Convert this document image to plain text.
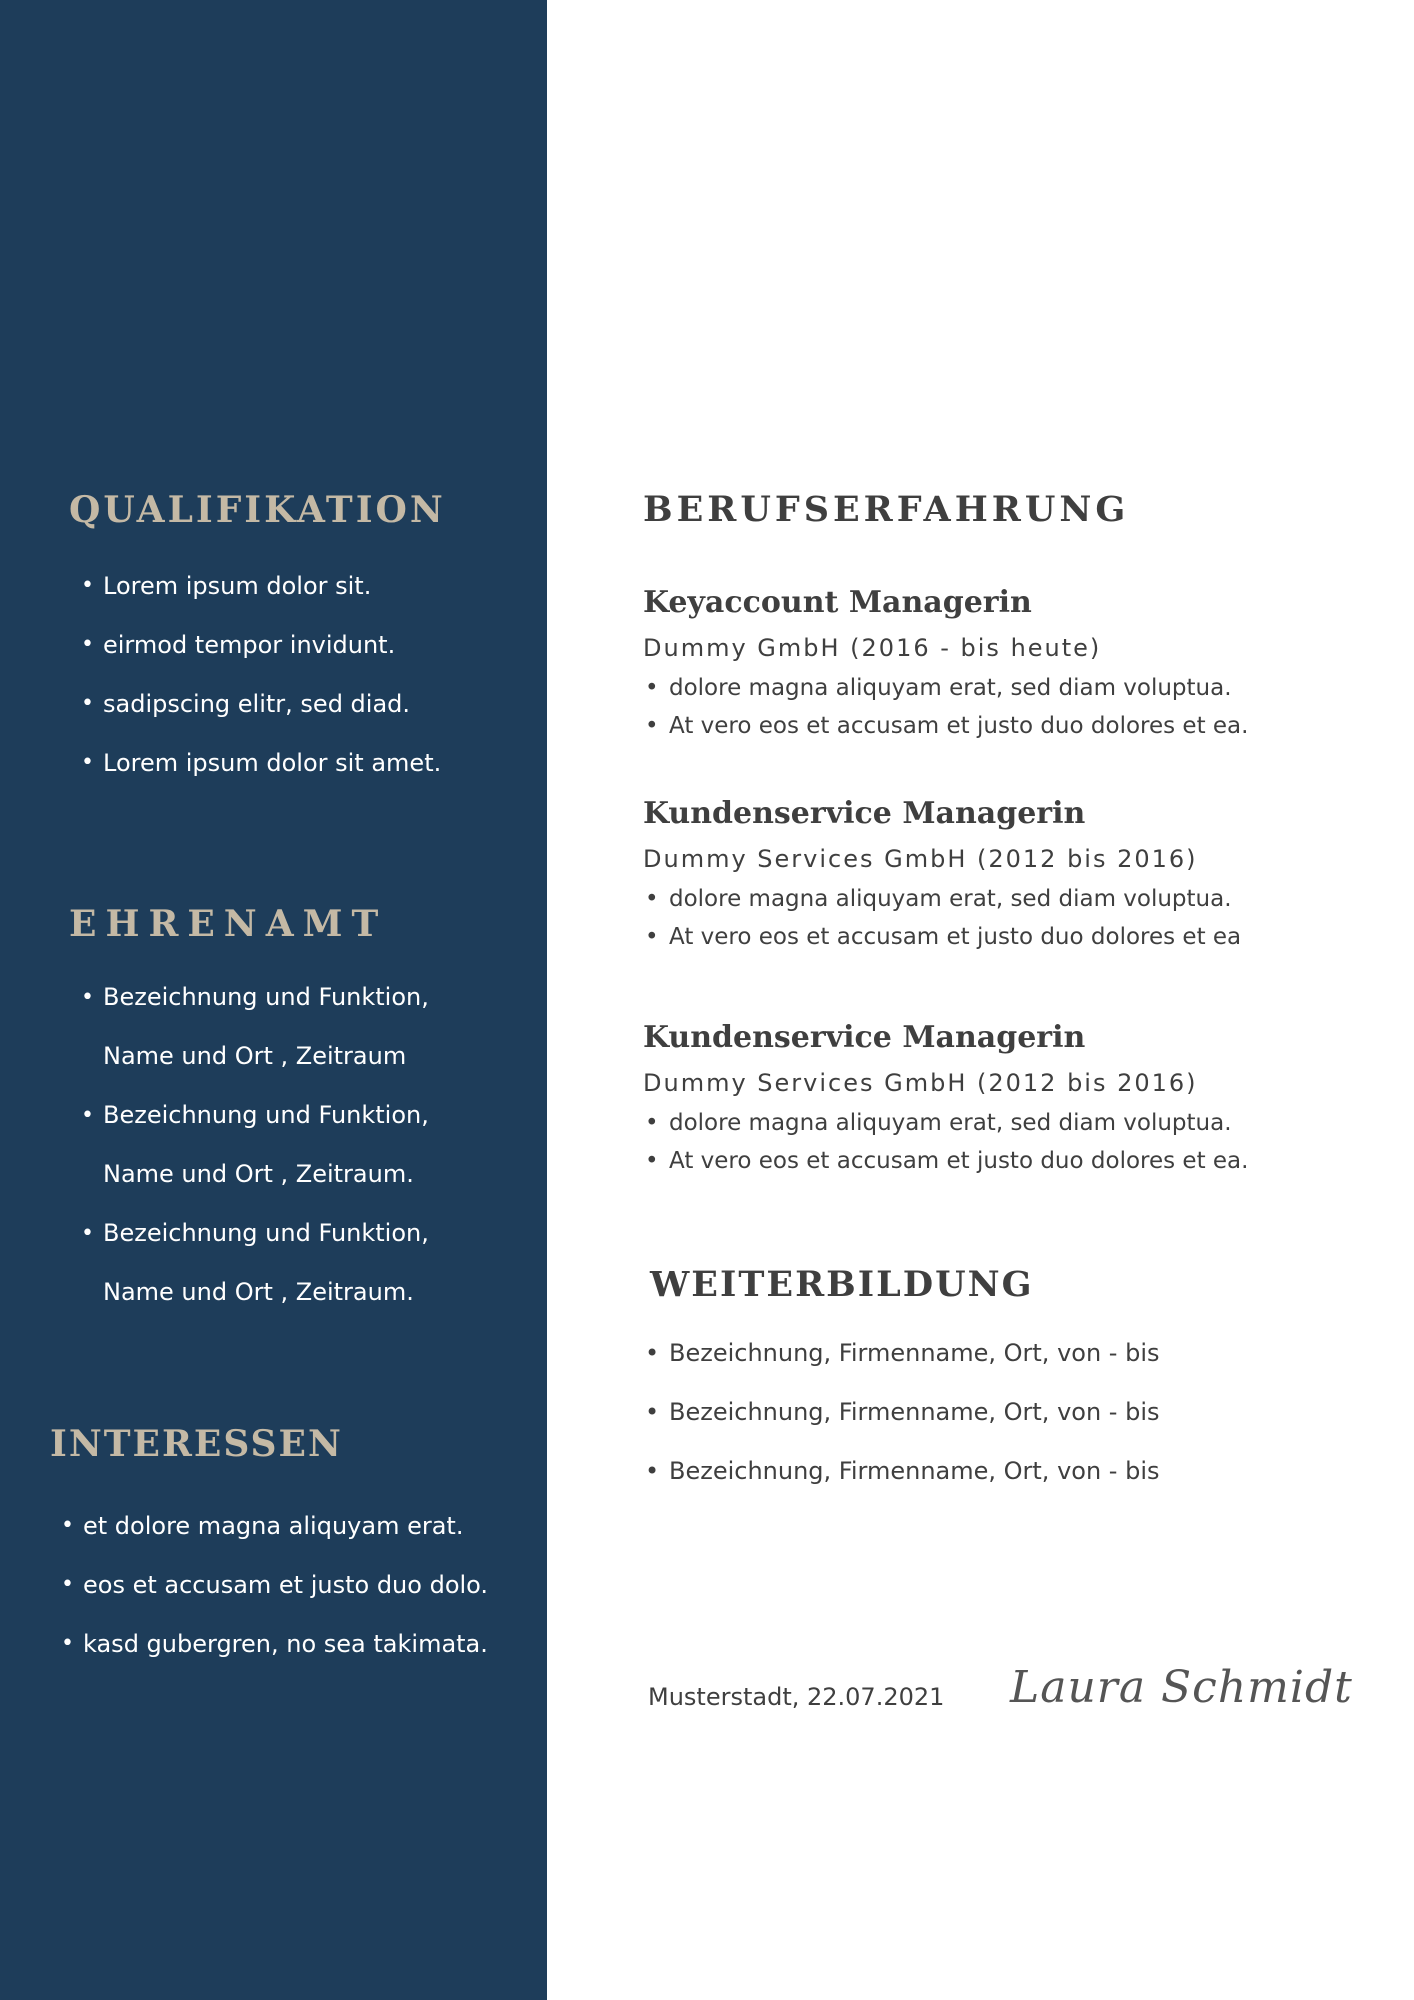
QUALIFIKATION
• Lorem ipsum dolor sit.
• eirmod tempor invidunt.
• sadipscing elitr, sed diad.
• Lorem ipsum dolor sit amet.
EHRENAMT
• Bezeichnung und Funktion,
Name und Ort , Zeitraum
• Bezeichnung und Funktion,
Name und Ort , Zeitraum.
• Bezeichnung und Funktion,
Name und Ort , Zeitraum.
INTERESSEN
• et dolore magna aliquyam erat.
• eos et accusam et justo duo dolo.
• kasd gubergren, no sea takimata.
BERUFSERFAHRUNG
Keyaccount Managerin
Dummy GmbH (2016 - bis heute)
• dolore magna aliquyam erat, sed diam voluptua.
• At vero eos et accusam et justo duo dolores et ea.
Kundenservice Managerin
Dummy Services GmbH (2012 bis 2016)
• dolore magna aliquyam erat, sed diam voluptua.
• At vero eos et accusam et justo duo dolores et ea
Kundenservice Managerin
Dummy Services GmbH (2012 bis 2016)
• dolore magna aliquyam erat, sed diam voluptua.
• At vero eos et accusam et justo duo dolores et ea.
WEITERBILDUNG
• Bezeichnung, Firmenname, Ort, von - bis
• Bezeichnung, Firmenname, Ort, von - bis
• Bezeichnung, Firmenname, Ort, von - bis
Musterstadt, 22.07.2021 Laura Schmidt
